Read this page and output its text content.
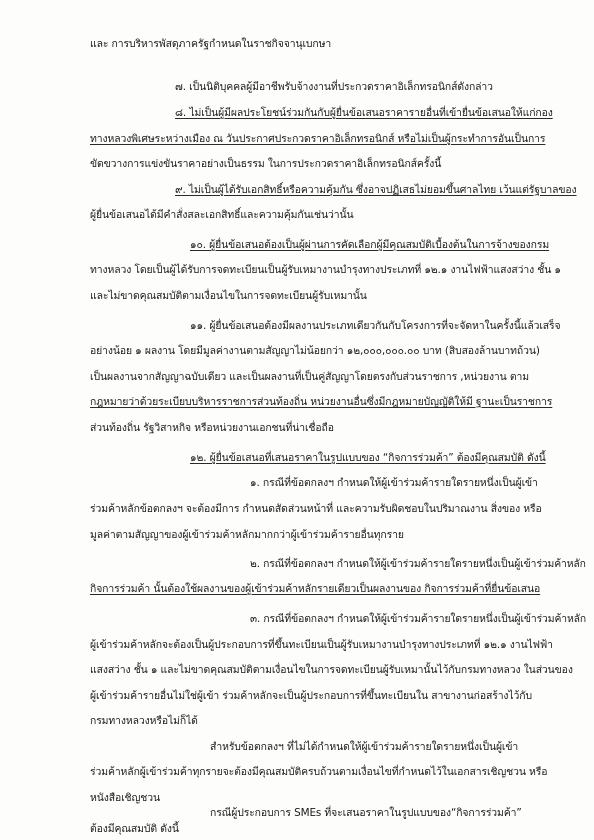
และ การบริหารพัสดุภาครัฐกำหนดในราชกิจจานุเบกษา
๗. เป็นนิติบุคคลผู้มีอาชีพรับจ้างงานที่ประกวดราคาอิเล็กทรอนิกส์ดังกล่าว
๘. ไม่เป็นผู้มีผลประโยชน์ร่วมกันกับผู้ยื่นข้อเสนอราคารายอื่นที่เข้ายื่นข้อเสนอให้แก่กอง
ทางหลวงพิเศษระหว่างเมือง ณ วันประกาศประกวดราคาอิเล็กทรอนิกส์ หรือไม่เป็นผู้กระทำการอันเป็นการ
ขัดขวางการแข่งขันราคาอย่างเป็นธรรม ในการประกวดราคาอิเล็กทรอนิกส์ครั้งนี้
๙. ไม่เป็นผู้ได้รับเอกสิทธิ์หรือความคุ้มกัน ซึ่งอาจปฏิเสธไม่ยอมขึ้นศาลไทย เว้นแต่รัฐบาลของ
ผู้ยื่นข้อเสนอได้มีคำสั่งสละเอกสิทธิ์และความคุ้มกันเช่นว่านั้น
๑๐. ผู้ยื่นข้อเสนอต้องเป็นผู้ผ่านการคัดเลือกผู้มีคุณสมบัติเบื้องต้นในการจ้างของกรม
ทางหลวง โดยเป็นผู้ได้รับการจดทะเบียนเป็นผู้รับเหมางานบำรุงทางประเภทที่ ๑๒.๑ งานไฟฟ้าแสงสว่าง ชั้น ๑
และไม่ขาดคุณสมบัติตามเงื่อนไขในการจดทะเบียนผู้รับเหมานั้น
๑๑. ผู้ยื่นข้อเสนอต้องมีผลงานประเภทเดียวกันกับโครงการที่จะจัดหาในครั้งนี้แล้วเสร็จ
อย่างน้อย ๑ ผลงาน โดยมีมูลค่างานตามสัญญาไม่น้อยกว่า ๑๒,๐๐๐,๐๐๐.๐๐ บาท (สิบสองล้านบาทถ้วน)
เป็นผลงานจากสัญญาฉบับเดียว และเป็นผลงานที่เป็นคู่สัญญาโดยตรงกับส่วนราชการ ,หน่วยงาน ตาม
กฎหมายว่าด้วยระเบียบบริหารราชการส่วนท้องถิ่น หน่วยงานอื่นซึ่งมีกฎหมายบัญญัติให้มี ฐานะเป็นราชการ
ส่วนท้องถิ่น รัฐวิสาหกิจ หรือหน่วยงานเอกชนที่น่าเชื่อถือ
๑๒. ผู้ยื่นข้อเสนอที่เสนอราคาในรูปแบบของ “กิจการร่วมค้า” ต้องมีคุณสมบัติ ดังนี้
๑. กรณีที่ข้อตกลงฯ กำหนดให้ผู้เข้าร่วมค้ารายใดรายหนึ่งเป็นผู้เข้า
ร่วมค้าหลักข้อตกลงฯ จะต้องมีการ กำหนดสัดส่วนหน้าที่ และความรับผิดชอบในปริมาณงาน สิ่งของ หรือ
มูลค่าตามสัญญาของผู้เข้าร่วมค้าหลักมากกว่าผู้เข้าร่วมค้ารายอื่นทุกราย
๒. กรณีที่ข้อตกลงฯ กำหนดให้ผู้เข้าร่วมค้ารายใดรายหนึ่งเป็นผู้เข้าร่วมค้าหลัก
กิจการร่วมค้า นั้นต้องใช้ผลงานของผู้เข้าร่วมค้าหลักรายเดียวเป็นผลงานของ กิจการร่วมค้าที่ยื่นข้อเสนอ
๓. กรณีที่ข้อตกลงฯ กำหนดให้ผู้เข้าร่วมค้ารายใดรายหนึ่งเป็นผู้เข้าร่วมค้าหลัก
ผู้เข้าร่วมค้าหลักจะต้องเป็นผู้ประกอบการที่ขึ้นทะเบียนเป็นผู้รับเหมางานบำรุงทางประเภทที่ ๑๒.๑ งานไฟฟ้า
แสงสว่าง ชั้น ๑ และไม่ขาดคุณสมบัติตามเงื่อนไขในการจดทะเบียนผู้รับเหมานั้นไว้กับกรมทางหลวง ในส่วนของ
ผู้เข้าร่วมค้ารายอื่นไม่ใช่ผู้เข้า ร่วมค้าหลักจะเป็นผู้ประกอบการที่ขึ้นทะเบียนใน สาขางานก่อสร้างไว้กับ
กรมทางหลวงหรือไม่ก็ได้
สำหรับข้อตกลงฯ ที่ไม่ได้กำหนดให้ผู้เข้าร่วมค้ารายใดรายหนึ่งเป็นผู้เข้า
ร่วมค้าหลักผู้เข้าร่วมค้าทุกรายจะต้องมีคุณสมบัติครบถ้วนตามเงื่อนไขที่กำหนดไว้ในเอกสารเชิญชวน หรือ
หนังสือเชิญชวน
กรณีผู้ประกอบการ SMEs ที่จะเสนอราคาในรูปแบบของ“กิจการร่วมค้า”
ต้องมีคุณสมบัติ ดังนี้
